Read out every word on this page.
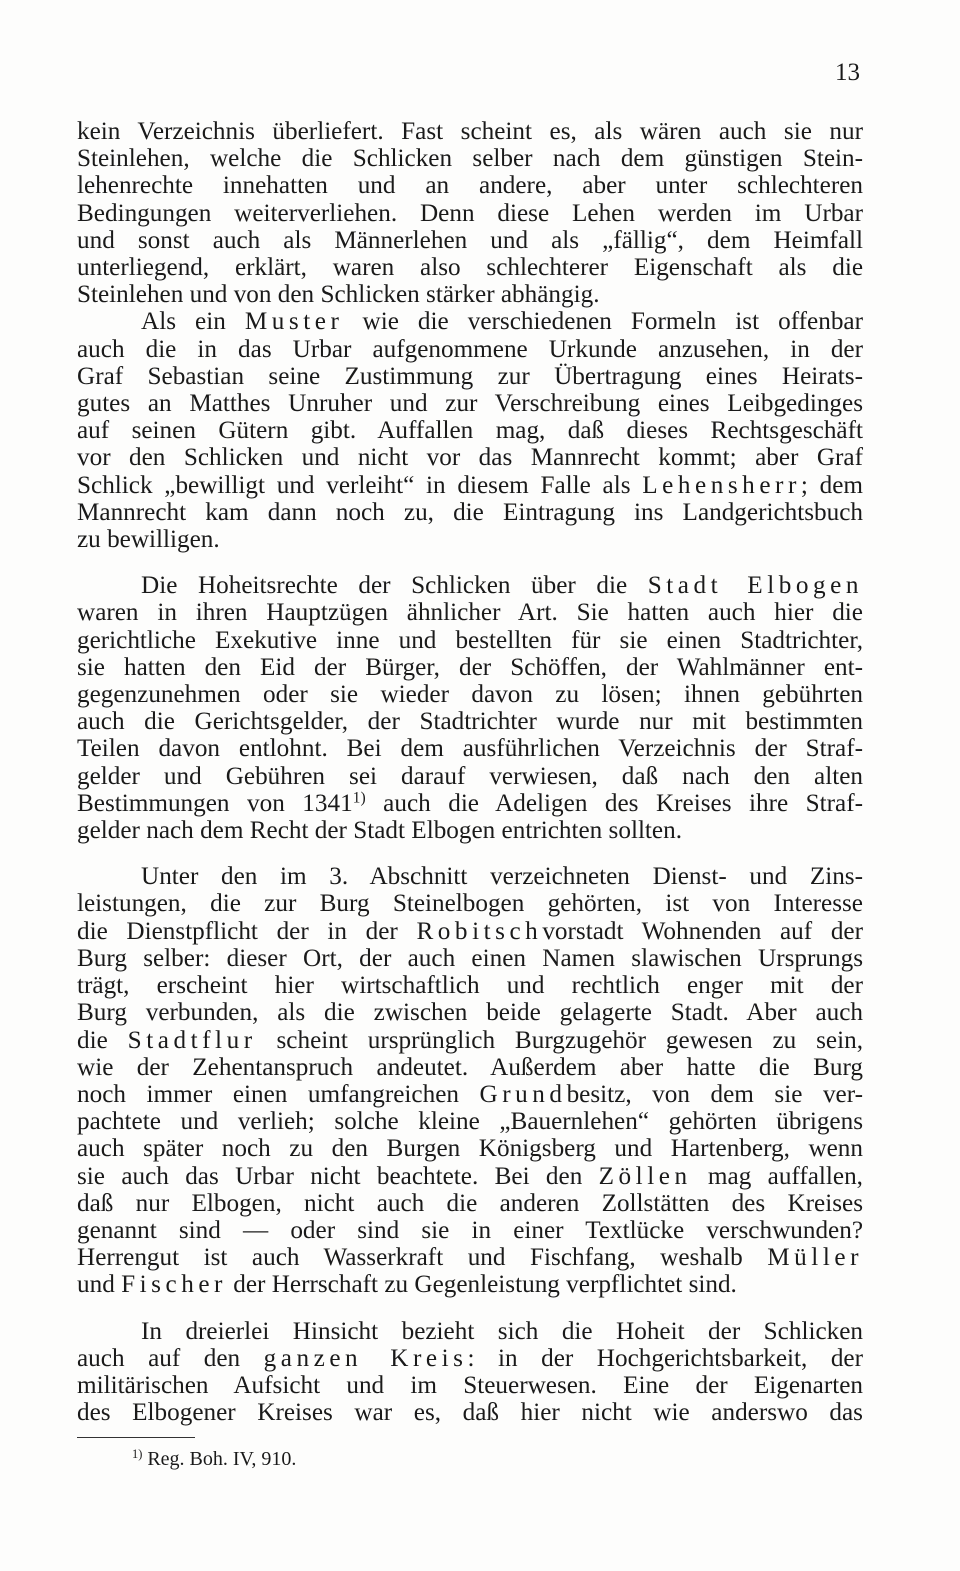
13
kein Verzeichnis überliefert. Fast scheint es, als wären auch sie nur
Steinlehen, welche die Schlicken selber nach dem günstigen Stein-
lehenrechte innehatten und an andere, aber unter schlechteren
Bedingungen weiterverliehen. Denn diese Lehen werden im Urbar
und sonst auch als Männerlehen und als „fällig“, dem Heimfall
unterliegend, erklärt, waren also schlechterer Eigenschaft als die
Steinlehen und von den Schlicken stärker abhängig.
Als ein Muster wie die verschiedenen Formeln ist offenbar
auch die in das Urbar aufgenommene Urkunde anzusehen, in der
Graf Sebastian seine Zustimmung zur Übertragung eines Heirats-
gutes an Matthes Unruher und zur Verschreibung eines Leibgedinges
auf seinen Gütern gibt. Auffallen mag, daß dieses Rechtsgeschäft
vor den Schlicken und nicht vor das Mannrecht kommt; aber Graf
Schlick „bewilligt und verleiht“ in diesem Falle als Lehensherr; dem
Mannrecht kam dann noch zu, die Eintragung ins Landgerichtsbuch
zu bewilligen.
Die Hoheitsrechte der Schlicken über die Stadt Elbogen
waren in ihren Hauptzügen ähnlicher Art. Sie hatten auch hier die
gerichtliche Exekutive inne und bestellten für sie einen Stadtrichter,
sie hatten den Eid der Bürger, der Schöffen, der Wahlmänner ent-
gegenzunehmen oder sie wieder davon zu lösen; ihnen gebührten
auch die Gerichtsgelder, der Stadtrichter wurde nur mit bestimmten
Teilen davon entlohnt. Bei dem ausführlichen Verzeichnis der Straf-
gelder und Gebühren sei darauf verwiesen, daß nach den alten
Bestimmungen von 1341$^{1)}$ auch die Adeligen des Kreises ihre Straf-
gelder nach dem Recht der Stadt Elbogen entrichten sollten.
Unter den im 3. Abschnitt verzeichneten Dienst- und Zins-
leistungen, die zur Burg Steinelbogen gehörten, ist von Interesse
die Dienstpflicht der in der Robitschvorstadt Wohnenden auf der
Burg selber: dieser Ort, der auch einen Namen slawischen Ursprungs
trägt, erscheint hier wirtschaftlich und rechtlich enger mit der
Burg verbunden, als die zwischen beide gelagerte Stadt. Aber auch
die Stadtflur scheint ursprünglich Burgzugehör gewesen zu sein,
wie der Zehentanspruch andeutet. Außerdem aber hatte die Burg
noch immer einen umfangreichen Grundbesitz, von dem sie ver-
pachtete und verlieh; solche kleine „Bauernlehen“ gehörten übrigens
auch später noch zu den Burgen Königsberg und Hartenberg, wenn
sie auch das Urbar nicht beachtete. Bei den Zöllen mag auffallen,
daß nur Elbogen, nicht auch die anderen Zollstätten des Kreises
genannt sind — oder sind sie in einer Textlücke verschwunden?
Herrengut ist auch Wasserkraft und Fischfang, weshalb Müller
und Fischer der Herrschaft zu Gegenleistung verpflichtet sind.
In dreierlei Hinsicht bezieht sich die Hoheit der Schlicken
auch auf den ganzen Kreis: in der Hochgerichtsbarkeit, der
militärischen Aufsicht und im Steuerwesen. Eine der Eigenarten
des Elbogener Kreises war es, daß hier nicht wie anderswo das
$^{1)}$ Reg. Boh. IV, 910.
